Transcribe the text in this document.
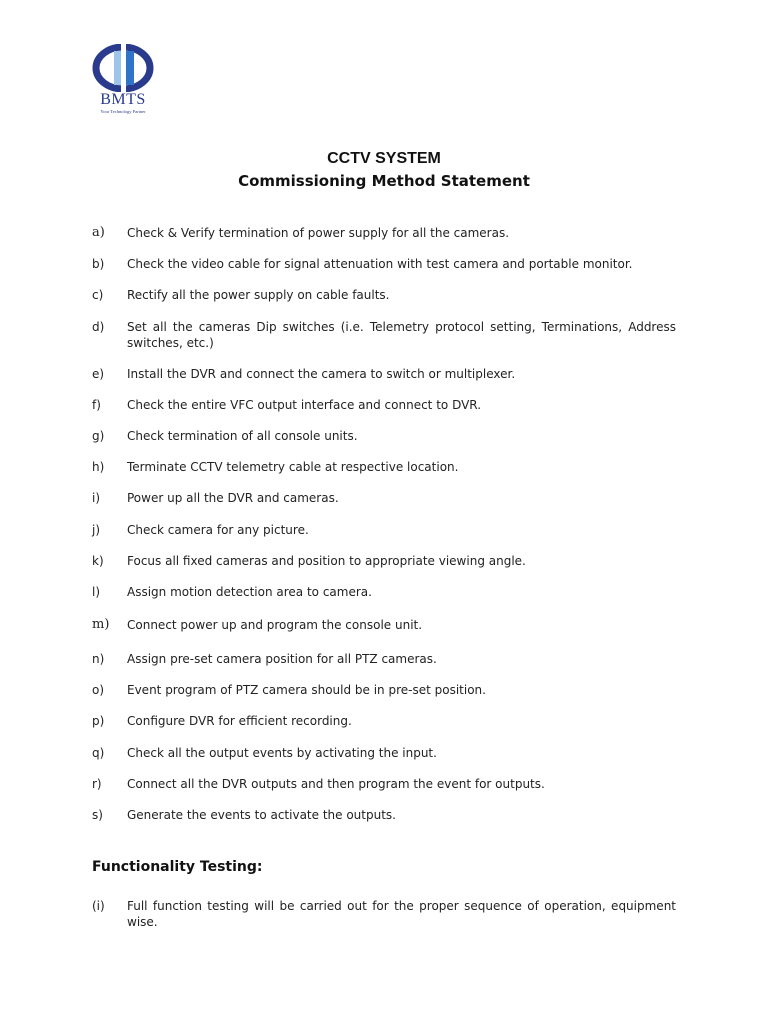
BMTS
Your Technology Partner
CCTV SYSTEM
Commissioning Method Statement
a)	Check & Verify termination of power supply for all the cameras.
b)	Check the video cable for signal attenuation with test camera and portable monitor.
c)	Rectify all the power supply on cable faults.
d)	Set all the cameras Dip switches (i.e. Telemetry protocol setting, Terminations, Address switches, etc.)
e)	Install the DVR and connect the camera to switch or multiplexer.
f)	Check the entire VFC output interface and connect to DVR.
g)	Check termination of all console units.
h)	Terminate CCTV telemetry cable at respective location.
i)	Power up all the DVR and cameras.
j)	Check camera for any picture.
k)	Focus all fixed cameras and position to appropriate viewing angle.
l)	Assign motion detection area to camera.
m)	Connect power up and program the console unit.
n)	Assign pre-set camera position for all PTZ cameras.
o)	Event program of PTZ camera should be in pre-set position.
p)	Configure DVR for efficient recording.
q)	Check all the output events by activating the input.
r)	Connect all the DVR outputs and then program the event for outputs.
s)	Generate the events to activate the outputs.
Functionality Testing:
(i)	Full function testing will be carried out for the proper sequence of operation, equipment wise.
